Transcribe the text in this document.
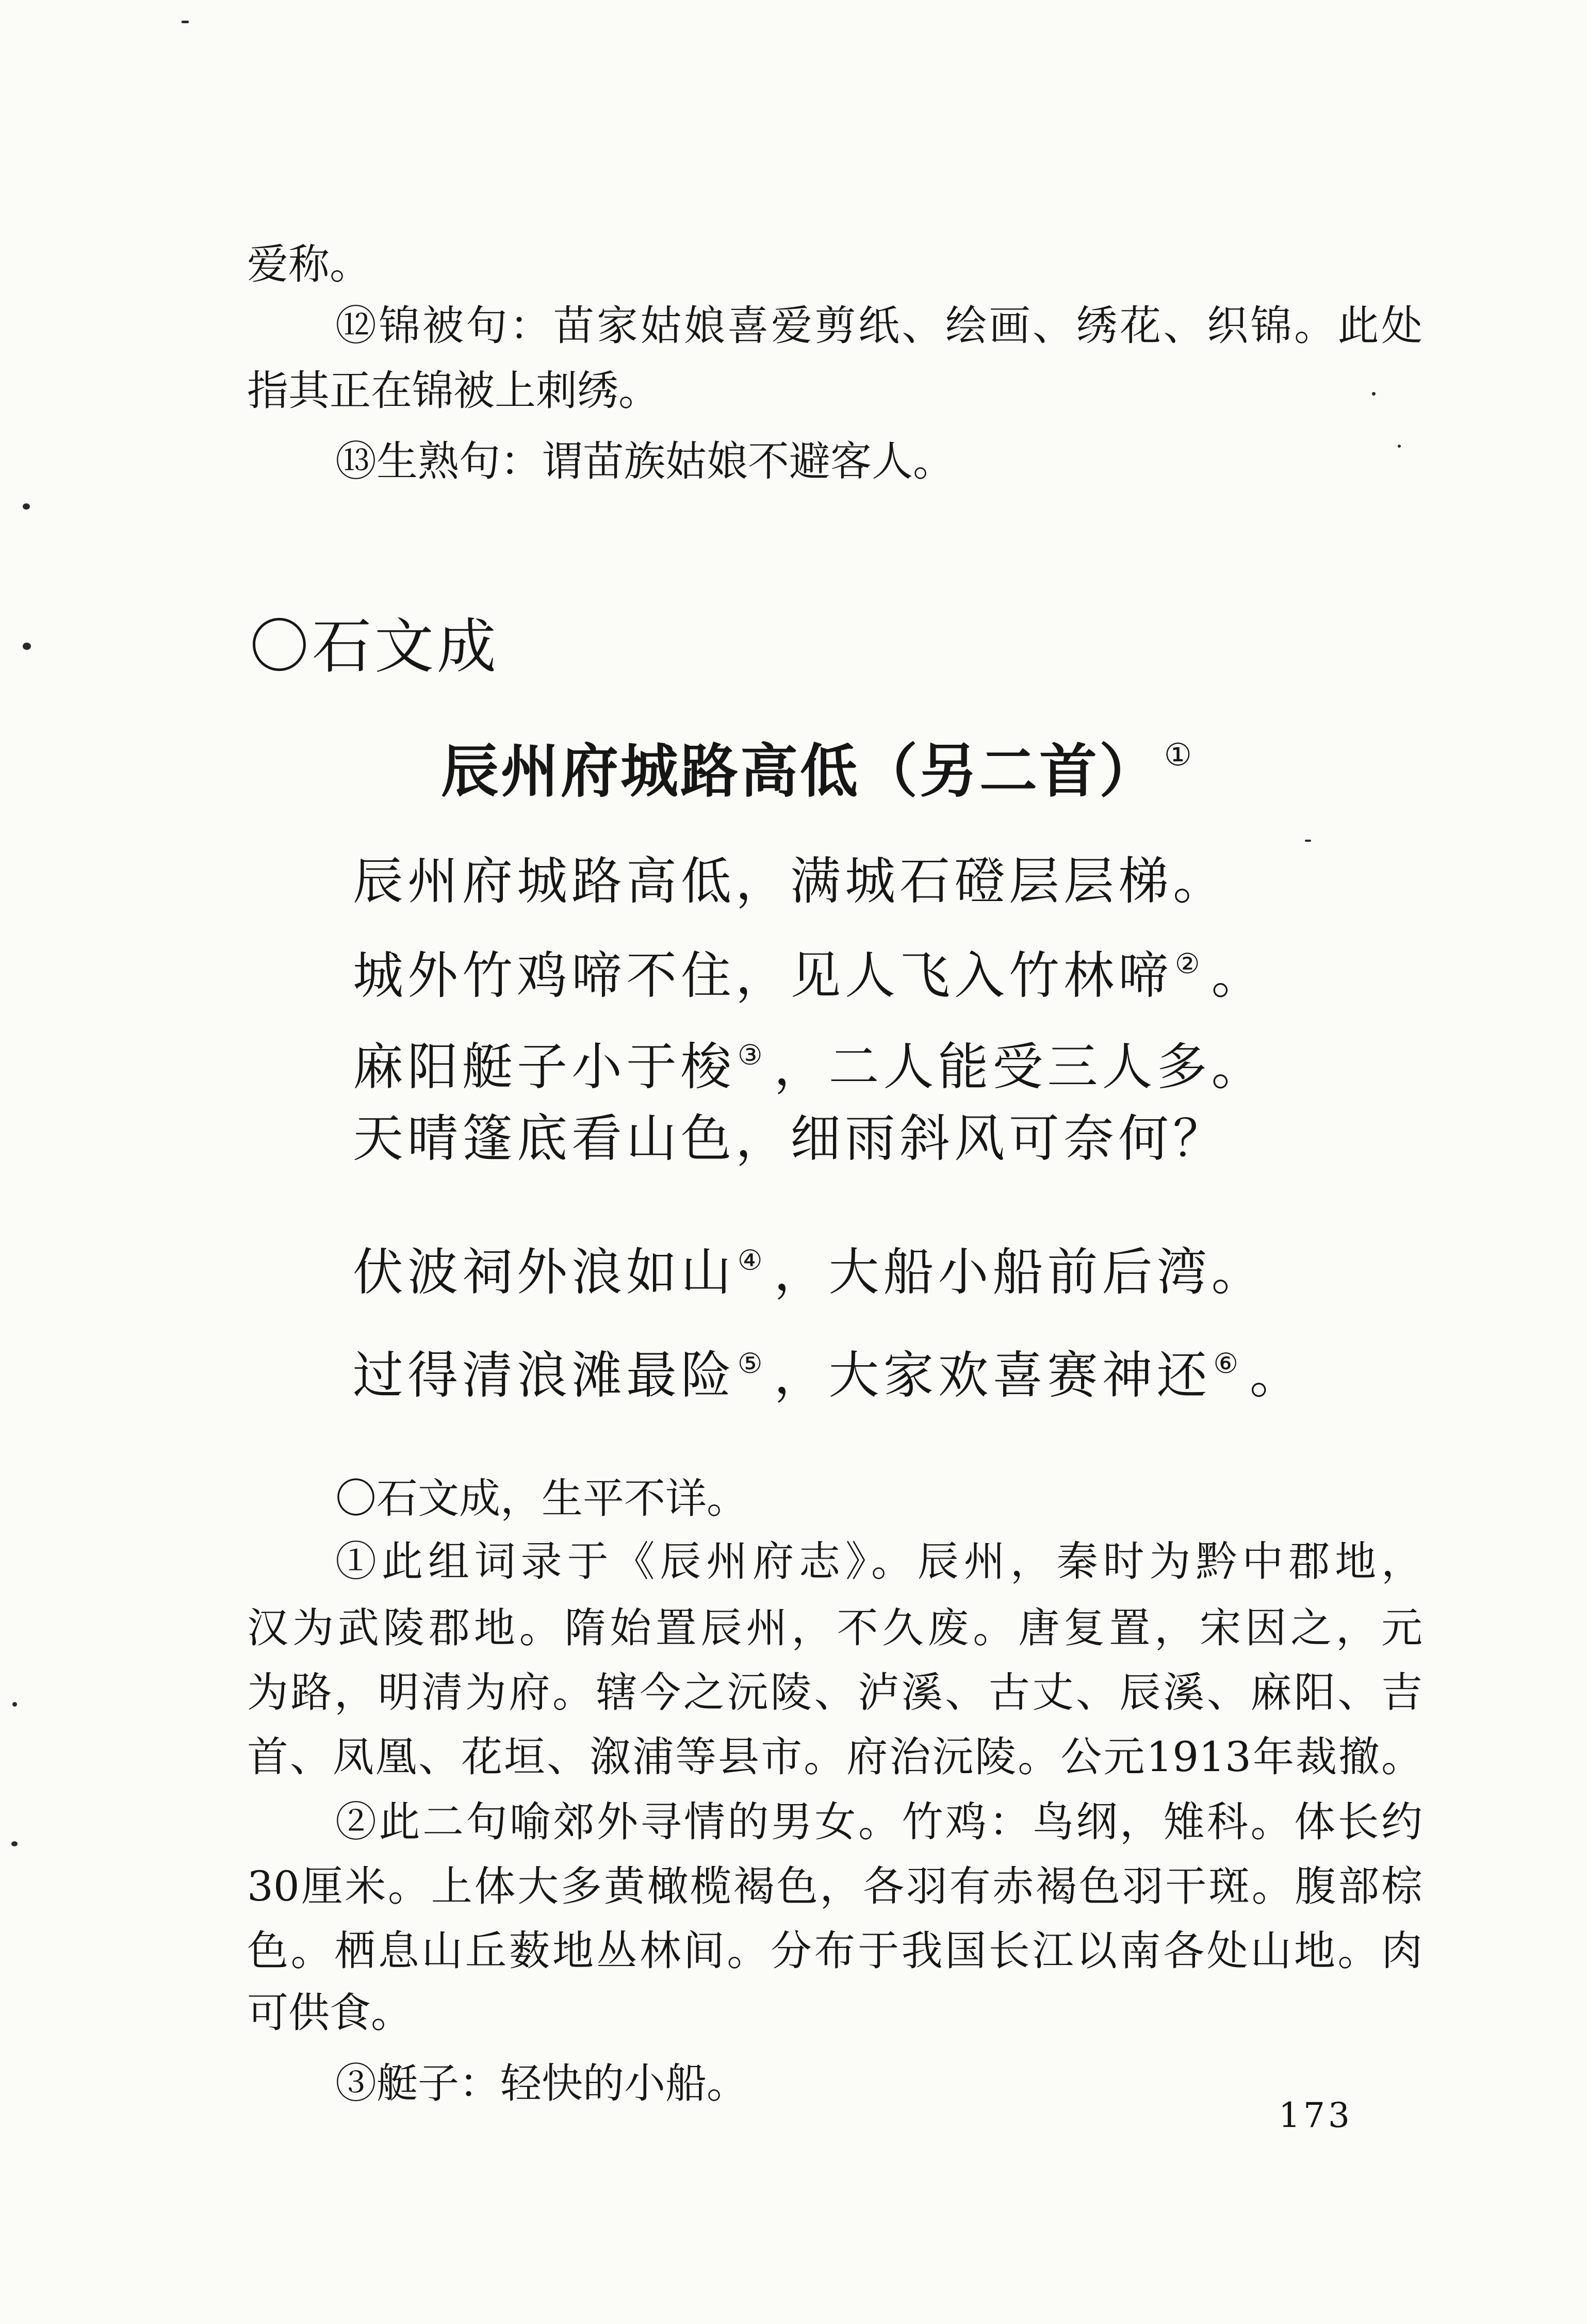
爱称。
⑫锦被句：苗家姑娘喜爱剪纸、绘画、绣花、织锦。此处
指其正在锦被上刺绣。
⑬生熟句：谓苗族姑娘不避客人。
〇石文成
辰州府城路高低（另二首） ①
辰州府城路高低，满城石磴层层梯。
城外竹鸡啼不住，见人飞入竹林啼② 。
麻阳艇子小于梭③ ，二人能受三人多。
天晴篷底看山色，细雨斜风可奈何？
伏波祠外浪如山④ ，大船小船前后湾。
过得清浪滩最险⑤ ，大家欢喜赛神还⑥ 。
〇石文成，生平不详。
①此组词录于《辰州府志》。辰州，秦时为黔中郡地，
汉为武陵郡地。隋始置辰州，不久废。唐复置，宋因之，元
为路，明清为府。辖今之沅陵、泸溪、古丈、辰溪、麻阳、吉
首、凤凰、花垣、溆浦等县市。府治沅陵。公元1913年裁撤。
②此二句喻郊外寻情的男女。竹鸡：鸟纲，雉科。体长约
30厘米。上体大多黄橄榄褐色，各羽有赤褐色羽干斑。腹部棕
色。栖息山丘薮地丛林间。分布于我国长江以南各处山地。肉
可供食。
③艇子：轻快的小船。
173
